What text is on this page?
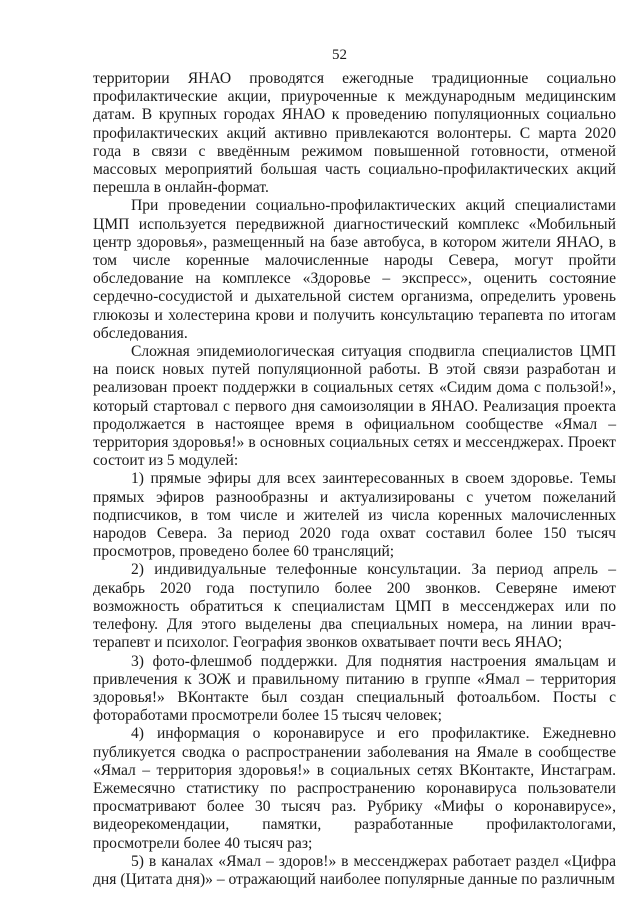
52

территории ЯНАО проводятся ежегодные традиционные социально профилактические акции, приуроченные к международным медицинским датам. В крупных городах ЯНАО к проведению популяционных социально профилактических акций активно привлекаются волонтеры. С марта 2020 года в связи с введённым режимом повышенной готовности, отменой массовых мероприятий большая часть социально-профилактических акций перешла в онлайн-формат.

При проведении социально-профилактических акций специалистами ЦМП используется передвижной диагностический комплекс «Мобильный центр здоровья», размещенный на базе автобуса, в котором жители ЯНАО, в том числе коренные малочисленные народы Севера, могут пройти обследование на комплексе «Здоровье – экспресс», оценить состояние сердечно-сосудистой и дыхательной систем организма, определить уровень глюкозы и холестерина крови и получить консультацию терапевта по итогам обследования.

Сложная эпидемиологическая ситуация сподвигла специалистов ЦМП на поиск новых путей популяционной работы. В этой связи разработан и реализован проект поддержки в социальных сетях «Сидим дома с пользой!», который стартовал с первого дня самоизоляции в ЯНАО. Реализация проекта продолжается в настоящее время в официальном сообществе «Ямал – территория здоровья!» в основных социальных сетях и мессенджерах. Проект состоит из 5 модулей:

1) прямые эфиры для всех заинтересованных в своем здоровье. Темы прямых эфиров разнообразны и актуализированы с учетом пожеланий подписчиков, в том числе и жителей из числа коренных малочисленных народов Севера. За период 2020 года охват составил более 150 тысяч просмотров, проведено более 60 трансляций;

2) индивидуальные телефонные консультации. За период апрель – декабрь 2020 года поступило более 200 звонков. Северяне имеют возможность обратиться к специалистам ЦМП в мессенджерах или по телефону. Для этого выделены два специальных номера, на линии врач-терапевт и психолог. География звонков охватывает почти весь ЯНАО;

3) фото-флешмоб поддержки. Для поднятия настроения ямальцам и привлечения к ЗОЖ и правильному питанию в группе «Ямал – территория здоровья!» ВКонтакте был создан специальный фотоальбом. Посты с фотоработами просмотрели более 15 тысяч человек;

4) информация о коронавирусе и его профилактике. Ежедневно публикуется сводка о распространении заболевания на Ямале в сообществе «Ямал – территория здоровья!» в социальных сетях ВКонтакте, Инстаграм. Ежемесячно статистику по распространению коронавируса пользователи просматривают более 30 тысяч раз. Рубрику «Мифы о коронавирусе», видеорекомендации, памятки, разработанные профилактологами, просмотрели более 40 тысяч раз;

5) в каналах «Ямал – здоров!» в мессенджерах работает раздел «Цифра дня (Цитата дня)» – отражающий наиболее популярные данные по различным
